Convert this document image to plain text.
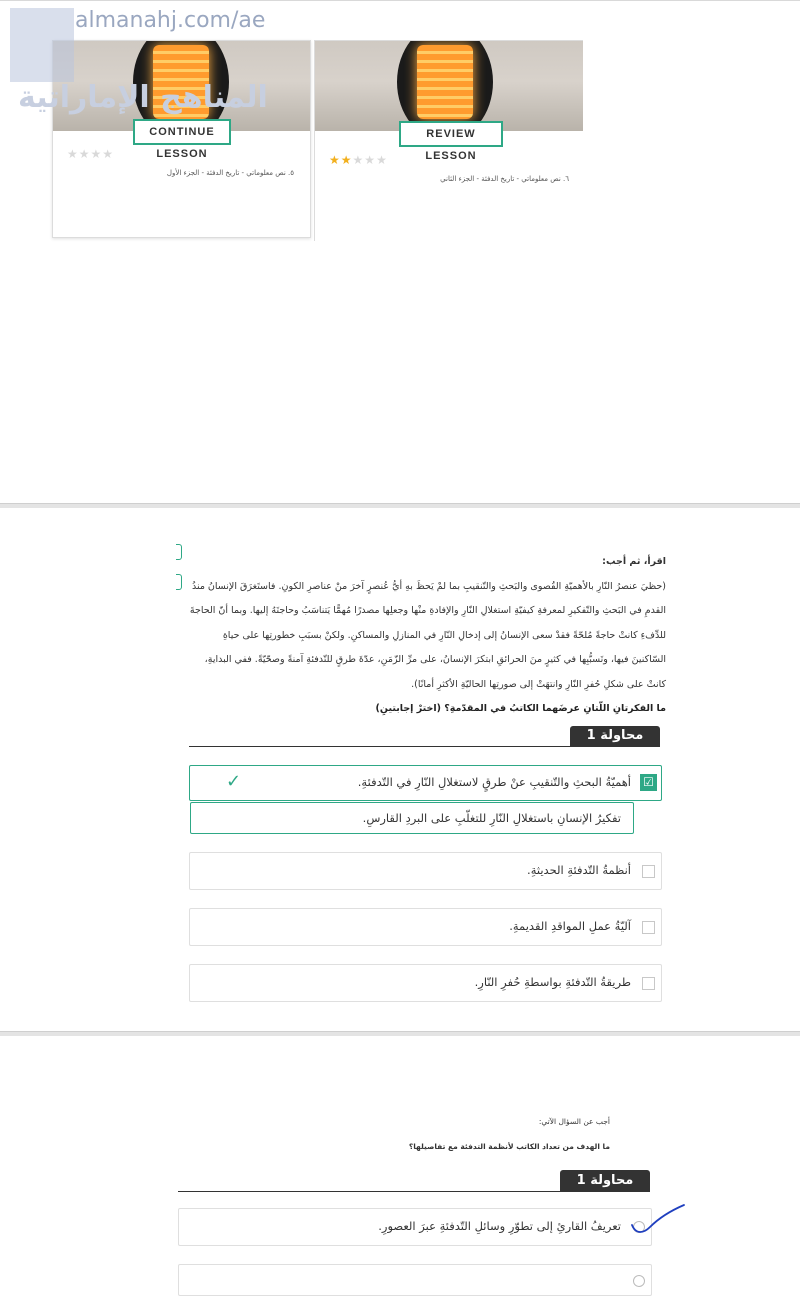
CONTINUE LESSON
★★★★
٥. نص معلوماتي - تاريخ الدفئة - الجزء الأول
REVIEW LESSON
★★★★★
٦. نص معلوماتي - تاريخ الدفئة - الجزء الثاني
almanahj.com/ae
المناهج الإماراتية
اقرأ، ثم أجب:
(حظيَ عنصرُ النّارِ بالأهميّةِ القُصوى والبَحثِ والتّنقيبِ بما لمْ يَحظَ بهِ أيُّ عُنصرٍ آخرَ منْ عناصرِ الكونِ. فاستَغرَقَ الإنسانُ منذُ القدمِ في البَحثِ والتّفكيرِ لمعرفةِ كيفيّةِ استغلالِ النّارِ والإفادةِ منْها وجعلِها مصدرًا مُهمًّا يَتناسَبُ وحاجتَهُ إليها. وبما أنّ الحاجةَ للدِّفءِ كانتْ حاجةً مُلحّةً فقدْ سعى الإنسانُ إلى إدخالِ النّارِ في المنازلِ والمساكنِ. ولكنْ بسبَبِ خطورتِها على حياةِ السّاكنينَ فيها، وتَسبُّبِها في كثيرٍ منَ الحرائقِ ابتكرَ الإنسانُ، على مرِّ الزّمَنِ، عدّةَ طرقٍ للتّدفئةِ آمنةً وصحّيّةً. ففي البدايةِ، كانتْ على شكلِ حُفرِ النّارِ وانتهَتْ إلى صورتِها الحاليّةِ الأكثرِ أمانًا).
ما الفكرتانِ اللّتانِ عرضَهما الكاتبُ في المقدّمةِ؟ (اخترْ إجابتينِ)
محاولة 1
☑
أهميّةُ البحثِ والتّنقيبِ عنْ طرقٍ لاستغلالِ النّارِ في التّدفئةِ.
✓
تفكيرُ الإنسانِ باستغلالِ النّارِ للتغلّبِ على البردِ القارسِ.
أنظمةُ التّدفئةِ الحديثةِ.
آليّةُ عملِ المواقدِ القديمةِ.
طريقةُ التّدفئةِ بواسطةِ حُفرِ النّارِ.
أجب عن السؤال الآتي:
ما الهدف من تعداد الكاتب لأنظمة التدفئة مع تفاصيلها؟
محاولة 1
تعريفُ القارئِ إلى تطوّرِ وسائلِ التّدفئةِ عبرَ العصورِ.
